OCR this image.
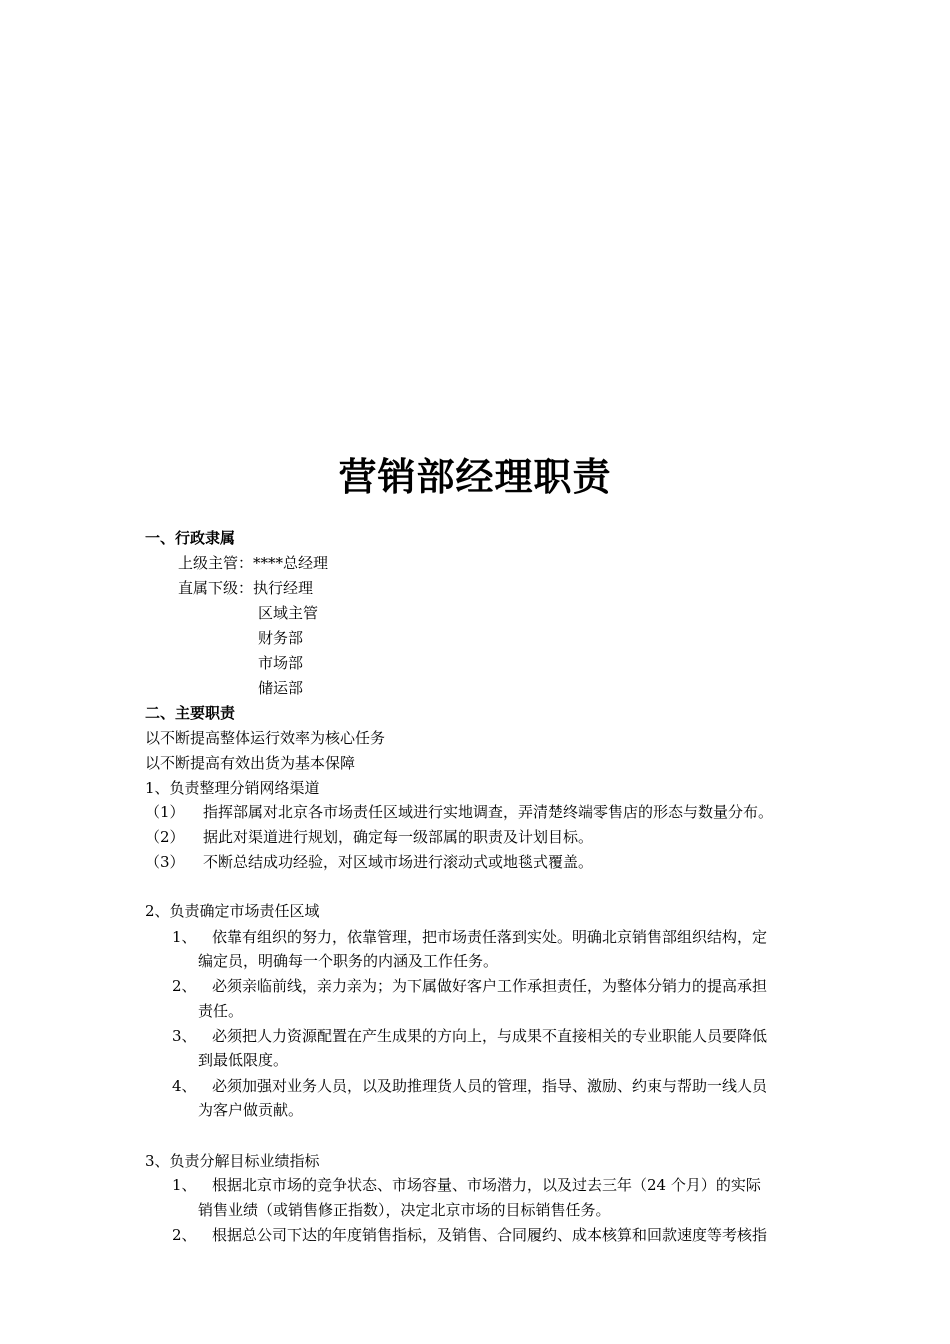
营销部经理职责
一、行政隶属
上级主管：****总经理
直属下级：执行经理
区域主管
财务部
市场部
储运部
二、主要职责
以不断提高整体运行效率为核心任务
以不断提高有效出货为基本保障
1、负责整理分销网络渠道
（1） 指挥部属对北京各市场责任区域进行实地调查，弄清楚终端零售店的形态与数量分布。
（2） 据此对渠道进行规划，确定每一级部属的职责及计划目标。
（3） 不断总结成功经验，对区域市场进行滚动式或地毯式覆盖。
2、负责确定市场责任区域
1、 依靠有组织的努力，依靠管理，把市场责任落到实处。明确北京销售部组织结构，定
编定员，明确每一个职务的内涵及工作任务。
2、 必须亲临前线，亲力亲为；为下属做好客户工作承担责任，为整体分销力的提高承担
责任。
3、 必须把人力资源配置在产生成果的方向上，与成果不直接相关的专业职能人员要降低
到最低限度。
4、 必须加强对业务人员，以及助推理货人员的管理，指导、激励、约束与帮助一线人员
为客户做贡献。
3、负责分解目标业绩指标
1、 根据北京市场的竞争状态、市场容量、市场潜力，以及过去三年（24 个月）的实际
销售业绩（或销售修正指数），决定北京市场的目标销售任务。
2、 根据总公司下达的年度销售指标，及销售、合同履约、成本核算和回款速度等考核指
